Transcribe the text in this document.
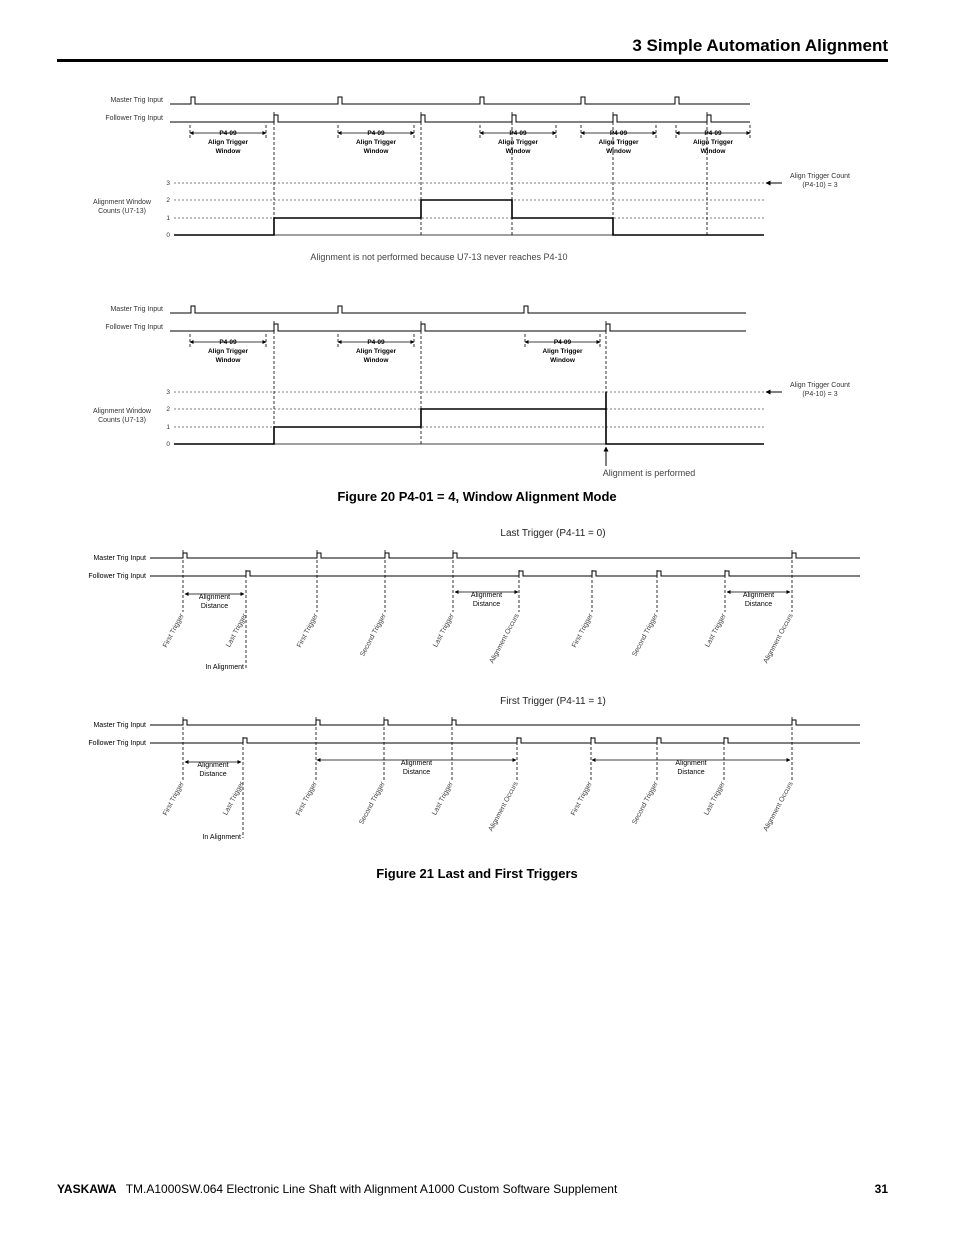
3 Simple Automation Alignment
Master Trig Input
Follower Trig Input
P4-09
Align Trigger
Window
P4-09
Align Trigger
Window
P4-09
Align Trigger
Window
P4-09
Align Trigger
Window
P4-09
Align Trigger
Window
3
2
1
0
Alignment Window
Counts (U7-13)
Align Trigger Count
(P4-10) = 3
Alignment is not performed because U7-13 never reaches P4-10
Master Trig Input
Follower Trig Input
P4-09
Align Trigger
Window
P4-09
Align Trigger
Window
P4-09
Align Trigger
Window
3
2
1
0
Alignment Window
Counts (U7-13)
Align Trigger Count
(P4-10) = 3
Alignment is performed
Figure 20 P4-01 = 4, Window Alignment Mode
Last Trigger (P4-11 = 0)
Master Trig Input
Follower Trig Input
Alignment
Distance
Alignment
Distance
Alignment
Distance
First Trigger	Last Trigger	First Trigger	Second Trigger	Last Trigger	Alignment Occurs	First Trigger	Second Trigger	Last Trigger	Alignment Occurs
In Alignment
First Trigger (P4-11 = 1)
Master Trig Input
Follower Trig Input
Alignment
Distance
Alignment
Distance
Alignment
Distance
First Trigger	Last Trigger	First Trigger	Second Trigger	Last Trigger	Alignment Occurs	First Trigger	Second Trigger	Last Trigger	Alignment Occurs
In Alignment
Figure 21 Last and First Triggers
YASKAWA TM.A1000SW.064 Electronic Line Shaft with Alignment A1000 Custom Software Supplement	31
